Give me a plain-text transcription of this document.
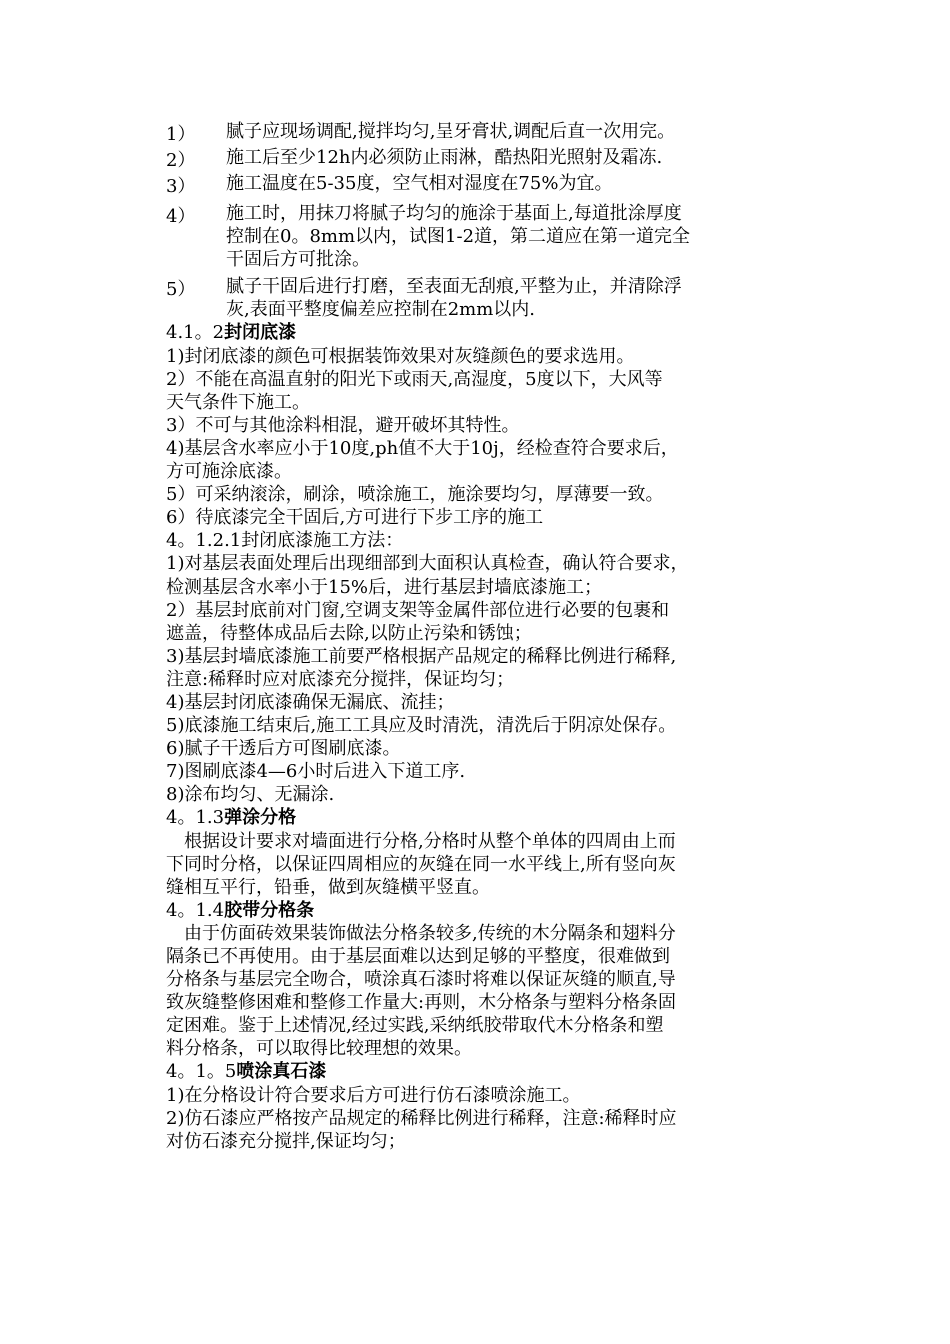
1）	腻子应现场调配,搅拌均匀,呈牙膏状,调配后直一次用完。
2）	施工后至少12h内必须防止雨淋，酷热阳光照射及霜冻.
3）	施工温度在5-35度，空气相对湿度在75%为宜。
4）	施工时，用抹刀将腻子均匀的施涂于基面上,每道批涂厚度
控制在0。8mm以内，试图1-2道，第二道应在第一道完全
干固后方可批涂。
5）	腻子干固后进行打磨，至表面无刮痕,平整为止，并清除浮
灰,表面平整度偏差应控制在2mm以内.
4.1。2封闭底漆
1)封闭底漆的颜色可根据装饰效果对灰缝颜色的要求选用。
2）不能在高温直射的阳光下或雨天,高湿度，5度以下，大风等
天气条件下施工。
3）不可与其他涂料相混，避开破坏其特性。
4)基层含水率应小于10度,ph值不大于10j，经检查符合要求后，
方可施涂底漆。
5）可采纳滚涂，刷涂，喷涂施工，施涂要均匀，厚薄要一致。
6）待底漆完全干固后,方可进行下步工序的施工
4。1.2.1封闭底漆施工方法：
1)对基层表面处理后出现细部到大面积认真检查，确认符合要求，
检测基层含水率小于15%后，进行基层封墙底漆施工；
2）基层封底前对门窗,空调支架等金属件部位进行必要的包裹和
遮盖，待整体成品后去除,以防止污染和锈蚀；
3)基层封墙底漆施工前要严格根据产品规定的稀释比例进行稀释,
注意:稀释时应对底漆充分搅拌，保证均匀；
4)基层封闭底漆确保无漏底、流挂；
5)底漆施工结束后,施工工具应及时清洗，清洗后于阴凉处保存。
6)腻子干透后方可图刷底漆。
7)图刷底漆4—6小时后进入下道工序.
8)涂布均匀、无漏涂.
4。1.3弹涂分格
根据设计要求对墙面进行分格,分格时从整个单体的四周由上而
下同时分格，以保证四周相应的灰缝在同一水平线上,所有竖向灰
缝相互平行，铅垂，做到灰缝横平竖直。
4。1.4胶带分格条
由于仿面砖效果装饰做法分格条较多,传统的木分隔条和翅料分
隔条已不再使用。由于基层面难以达到足够的平整度，很难做到
分格条与基层完全吻合，喷涂真石漆时将难以保证灰缝的顺直,导
致灰缝整修困难和整修工作量大:再则，木分格条与塑料分格条固
定困难。鉴于上述情况,经过实践,采纳纸胶带取代木分格条和塑
料分格条，可以取得比较理想的效果。
4。1。5喷涂真石漆
1)在分格设计符合要求后方可进行仿石漆喷涂施工。
2)仿石漆应严格按产品规定的稀释比例进行稀释，注意:稀释时应
对仿石漆充分搅拌,保证均匀；
